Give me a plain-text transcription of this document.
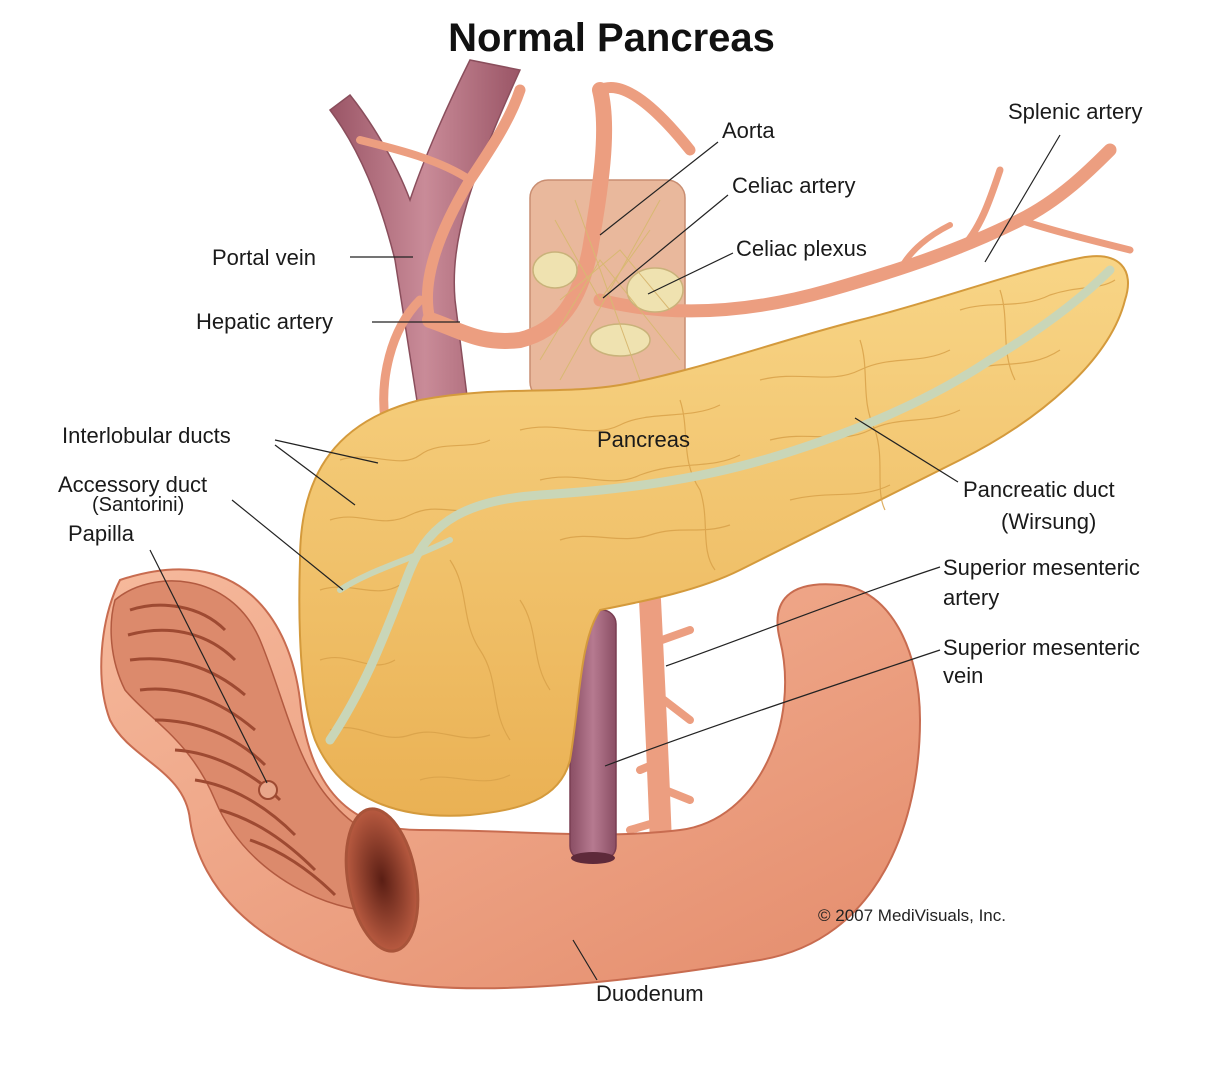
Normal Pancreas
Aorta
Splenic artery
Celiac artery
Celiac plexus
Portal vein
Hepatic artery
Interlobular ducts
Accessory duct
(Santorini)
Papilla
Pancreas
Pancreatic duct
(Wirsung)
Superior mesenteric
artery
Superior mesenteric
vein
Duodenum
© 2007 MediVisuals, Inc.
